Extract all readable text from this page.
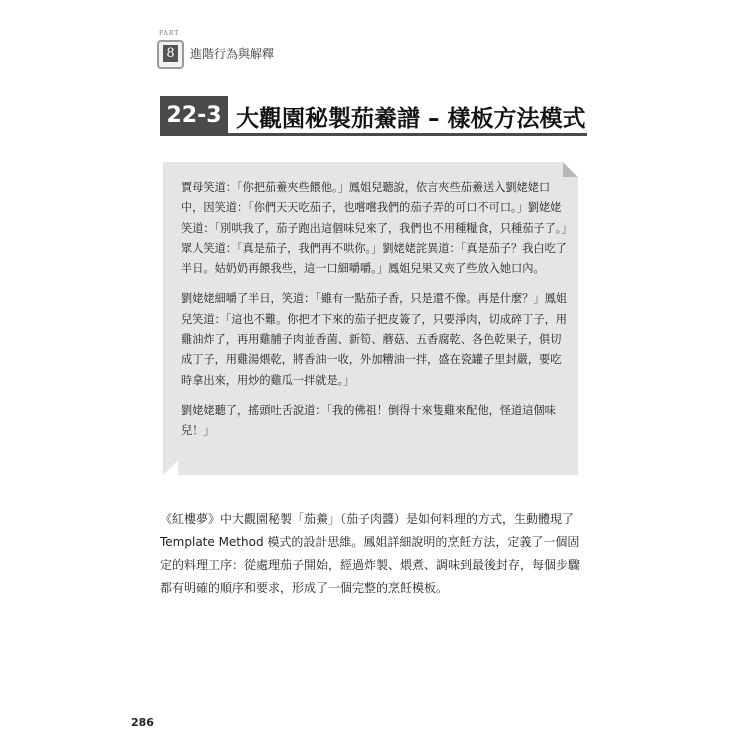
PART
8 進階行為與解釋
22-3 大觀園秘製茄鯗譜 – 樣板方法模式

賈母笑道：「你把茄鯗夾些餵他。」鳳姐兒聽說，依言夾些茄鯗送入劉姥姥口中，因笑道：「你們天天吃茄子，也嚐嚐我們的茄子弄的可口不可口。」劉姥姥笑道：「別哄我了，茄子跑出這個味兒來了，我們也不用種糧食，只種茄子了。」眾人笑道：「真是茄子，我們再不哄你。」劉姥姥詫異道：「真是茄子？我白吃了半日。姑奶奶再餵我些，這一口細嚼嚼。」鳳姐兒果又夾了些放入她口內。

劉姥姥細嚼了半日，笑道：「雖有一點茄子香，只是還不像。再是什麼？」鳳姐兒笑道：「這也不難。你把才下來的茄子把皮簽了，只要淨肉，切成碎丁子，用雞油炸了，再用雞脯子肉並香菌、新筍、蘑菇、五香腐乾、各色乾果子，俱切成丁子，用雞湯煨乾，將香油一收，外加糟油一拌，盛在瓷罐子里封嚴，要吃時拿出來，用炒的雞瓜一拌就是。」

劉姥姥聽了，搖頭吐舌說道：「我的佛祖！倒得十來隻雞來配他，怪道這個味兒！」

《紅樓夢》中大觀園秘製「茄鯗」（茄子肉醬）是如何料理的方式，生動體現了 Template Method 模式的設計思維。鳳姐詳細說明的烹飪方法，定義了一個固定的料理工序：從處理茄子開始，經過炸製、煨煮、調味到最後封存，每個步驟都有明確的順序和要求，形成了一個完整的烹飪模板。
286
